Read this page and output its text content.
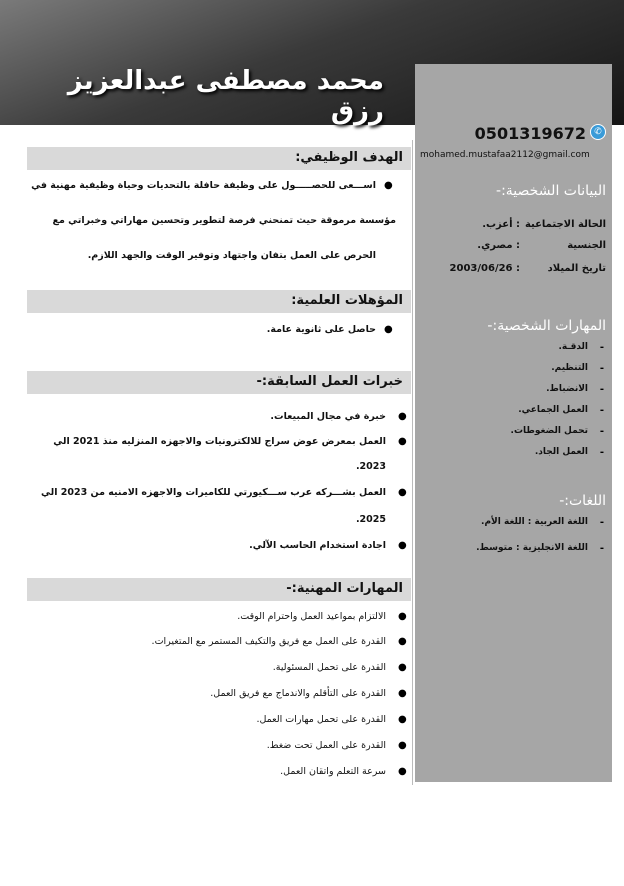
محمد مصطفى عبدالعزيز رزق
✆
0501319672
mohamed.mustafaa2112@gmail.com
البيانات الشخصية:-
الحالة الاجتماعية
: أعزب.
الجنسية
: مصري.
تاريخ الميلاد
: 2003/06/26
المهارات الشخصية:-
-
الدقـة.
-
التنظيم.
-
الانضباط.
-
العمل الجماعي.
-
تحمل الضغوطات.
-
العمل الجاد.
اللغات:-
-
اللغة العربية : اللغة الأم.
-
اللغة الانجليزية : متوسط.
الهدف الوظيفي:
●
اســـعى للحصـــــول على وظيفة حافلة بالتحديات وحياة وظيفية مهنية في
مؤسسة مرموقة حيث تمنحني فرصة لتطوير وتحسين مهاراتي وخبراتي مع
الحرص على العمل بتفان واجتهاد وتوفير الوقت والجهد اللازم.
المؤهلات العلمية:
●
حاصل على ثانوية عامة.
خبرات العمل السابقة:-
●
خبرة في مجال المبيعات.
●
العمل بمعرض عوض سراج للالكترونيات والاجهزه المنزليه منذ 2021 الي
2023.
●
العمل بشـــركه عرب ســـكيورتي للكاميرات والاجهزه الامنيه من 2023 الي
2025.
●
اجادة استخدام الحاسب الآلي.
المهارات المهنية:-
●
الالتزام بمواعيد العمل واحترام الوقت.
●
القدرة على العمل مع فريق والتكيف المستمر مع المتغيرات.
●
القدرة على تحمل المسئولية.
●
القدرة على التأقلم والاندماج مع فريق العمل.
●
القدرة على تحمل مهارات العمل.
●
القدرة على العمل تحت ضغط.
●
سرعة التعلم واتقان العمل.
